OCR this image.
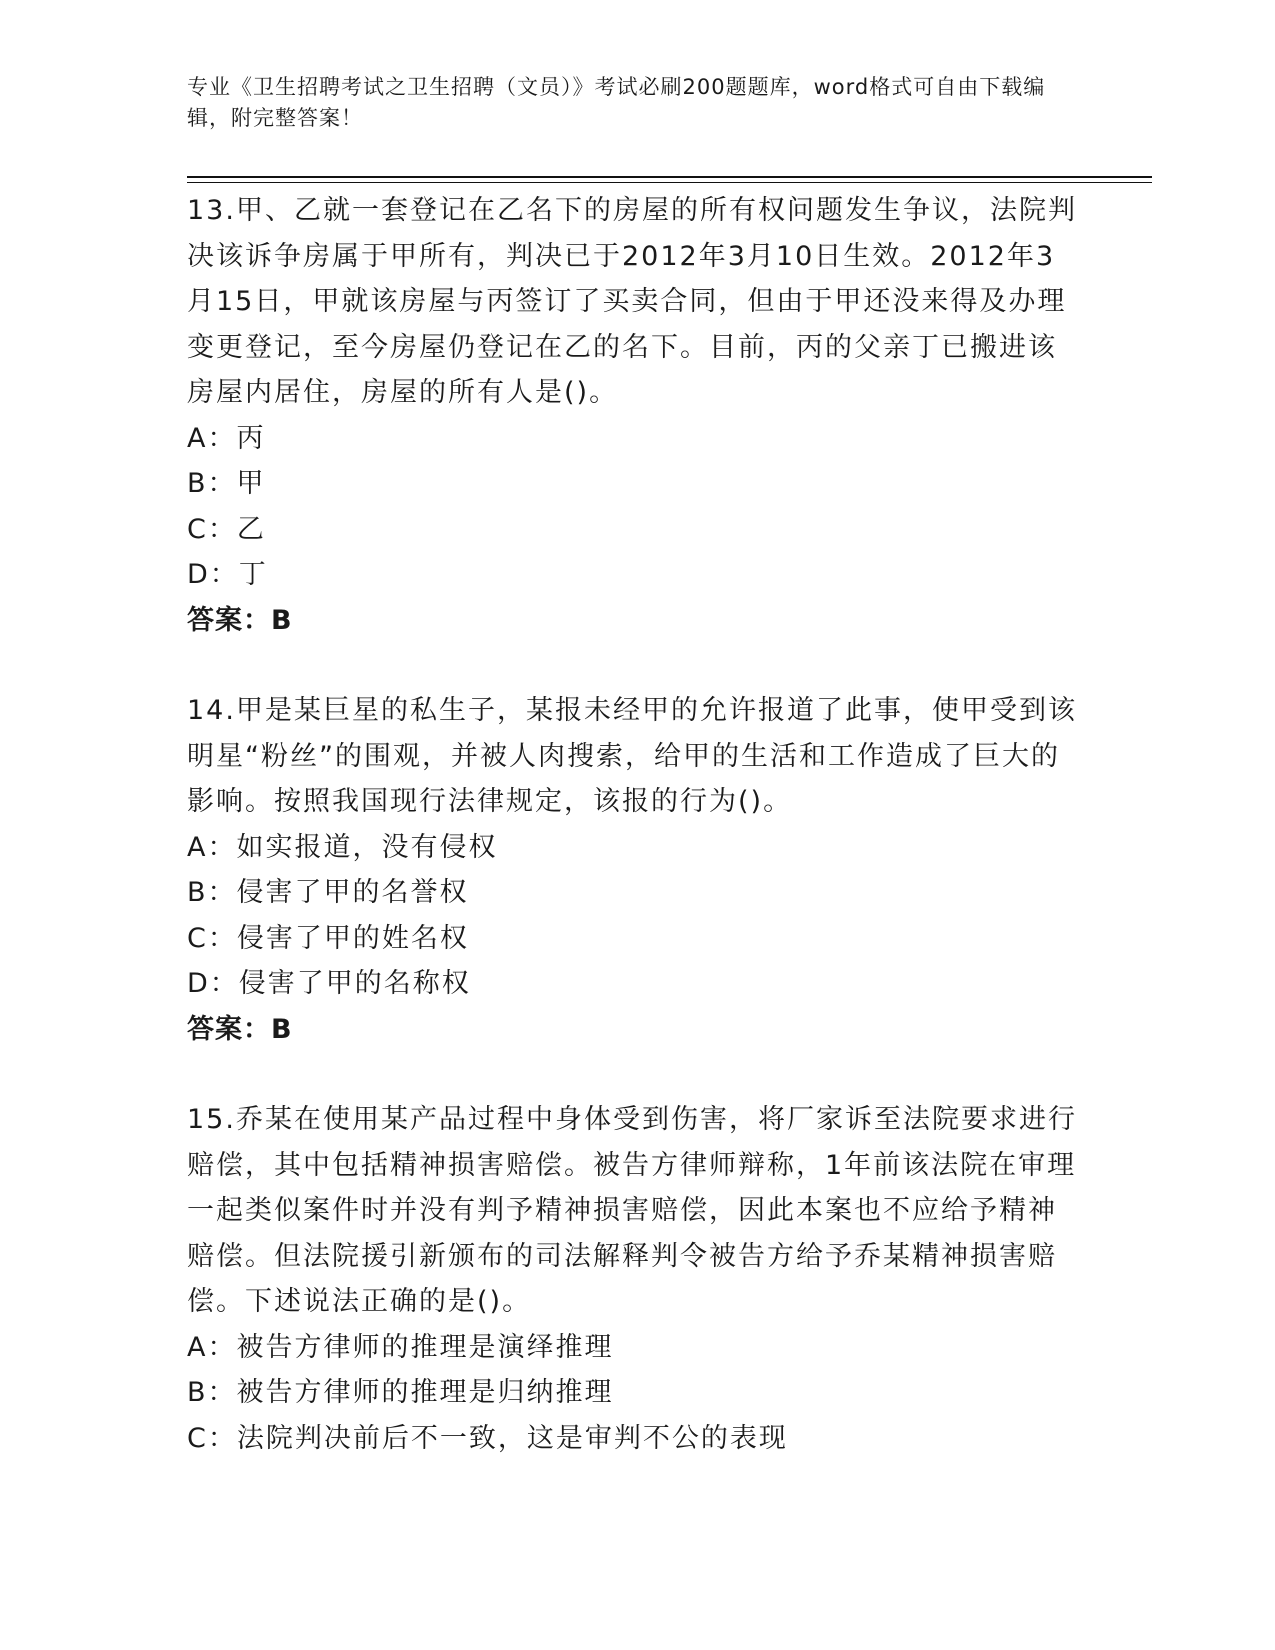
专业《卫生招聘考试之卫生招聘（文员）》考试必刷200题题库，word格式可自由下载编辑，附完整答案！

13.甲、乙就一套登记在乙名下的房屋的所有权问题发生争议，法院判决该诉争房属于甲所有，判决已于2012年3月10日生效。2012年3月15日，甲就该房屋与丙签订了买卖合同，但由于甲还没来得及办理变更登记，至今房屋仍登记在乙的名下。目前，丙的父亲丁已搬进该房屋内居住，房屋的所有人是()。

A：丙

B：甲

C：乙

D：丁

答案：B

14.甲是某巨星的私生子，某报未经甲的允许报道了此事，使甲受到该明星“粉丝”的围观，并被人肉搜索，给甲的生活和工作造成了巨大的影响。按照我国现行法律规定，该报的行为()。

A：如实报道，没有侵权

B：侵害了甲的名誉权

C：侵害了甲的姓名权

D：侵害了甲的名称权

答案：B

15.乔某在使用某产品过程中身体受到伤害，将厂家诉至法院要求进行赔偿，其中包括精神损害赔偿。被告方律师辩称，1年前该法院在审理一起类似案件时并没有判予精神损害赔偿，因此本案也不应给予精神赔偿。但法院援引新颁布的司法解释判令被告方给予乔某精神损害赔偿。下述说法正确的是()。

A：被告方律师的推理是演绎推理

B：被告方律师的推理是归纳推理

C：法院判决前后不一致，这是审判不公的表现
